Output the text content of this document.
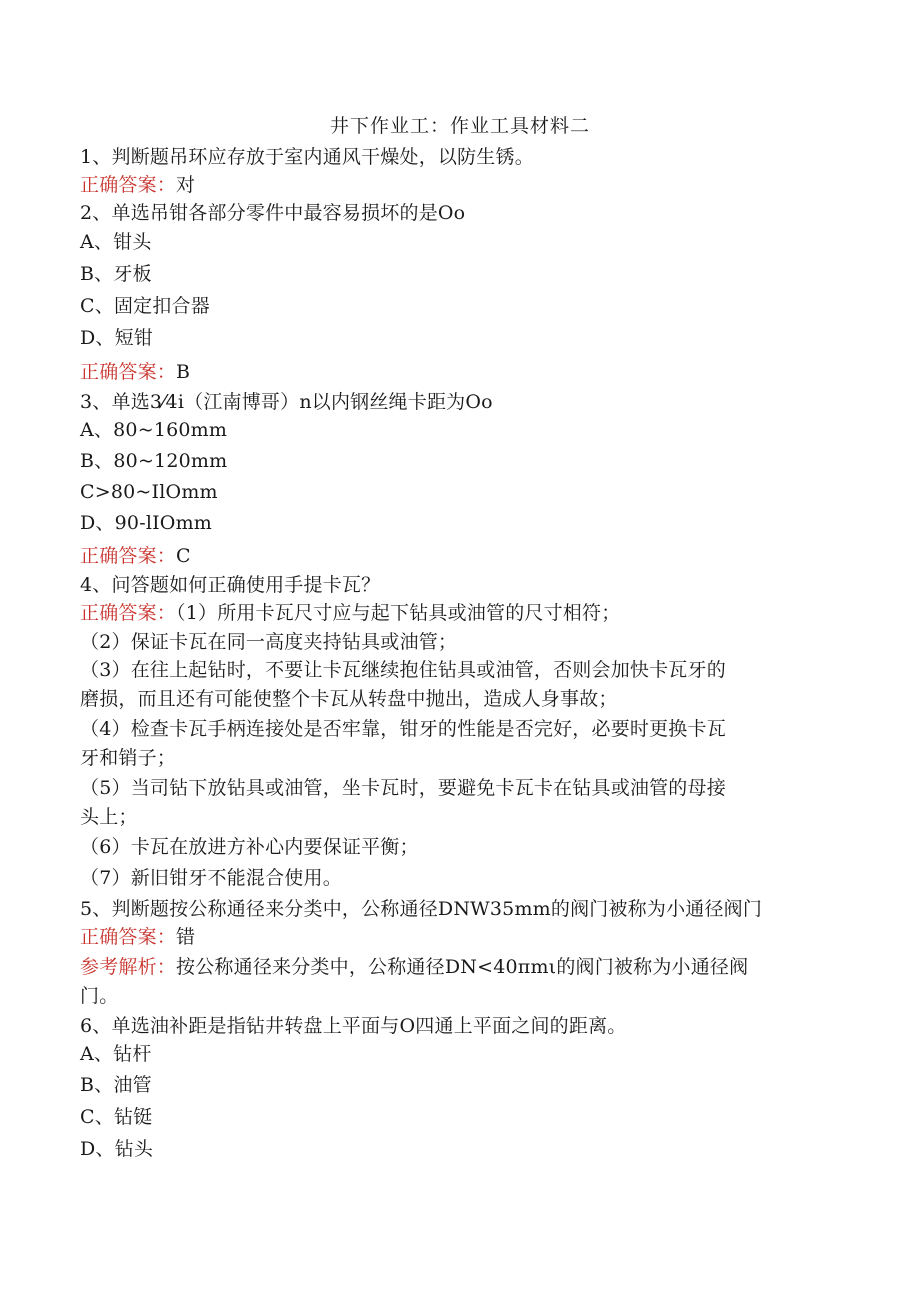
井下作业工：作业工具材料二
1、判断题吊环应存放于室内通风干燥处，以防生锈。
正确答案：对
2、单选吊钳各部分零件中最容易损坏的是Oo
A、钳头
B、牙板
C、固定扣合器
D、短钳
正确答案：B
3、单选3⁄4i（江南博哥）n以内钢丝绳卡距为Oo
A、80~160mm
B、80~120mm
C>80~IlOmm
D、90-lIOmm
正确答案：C
4、问答题如何正确使用手提卡瓦？
正确答案：（1）所用卡瓦尺寸应与起下钻具或油管的尺寸相符；
（2）保证卡瓦在同一高度夹持钻具或油管；
（3）在往上起钻时，不要让卡瓦继续抱住钻具或油管，否则会加快卡瓦牙的
磨损，而且还有可能使整个卡瓦从转盘中抛出，造成人身事故；
（4）检查卡瓦手柄连接处是否牢靠，钳牙的性能是否完好，必要时更换卡瓦
牙和销子；
（5）当司钻下放钻具或油管，坐卡瓦时，要避免卡瓦卡在钻具或油管的母接
头上；
（6）卡瓦在放进方补心内要保证平衡；
（7）新旧钳牙不能混合使用。
5、判断题按公称通径来分类中，公称通径DNW35mm的阀门被称为小通径阀门
正确答案：错
参考解析：按公称通径来分类中，公称通径DN<40πmι的阀门被称为小通径阀
门。
6、单选油补距是指钻井转盘上平面与O四通上平面之间的距离。
A、钻杆
B、油管
C、钻铤
D、钻头
